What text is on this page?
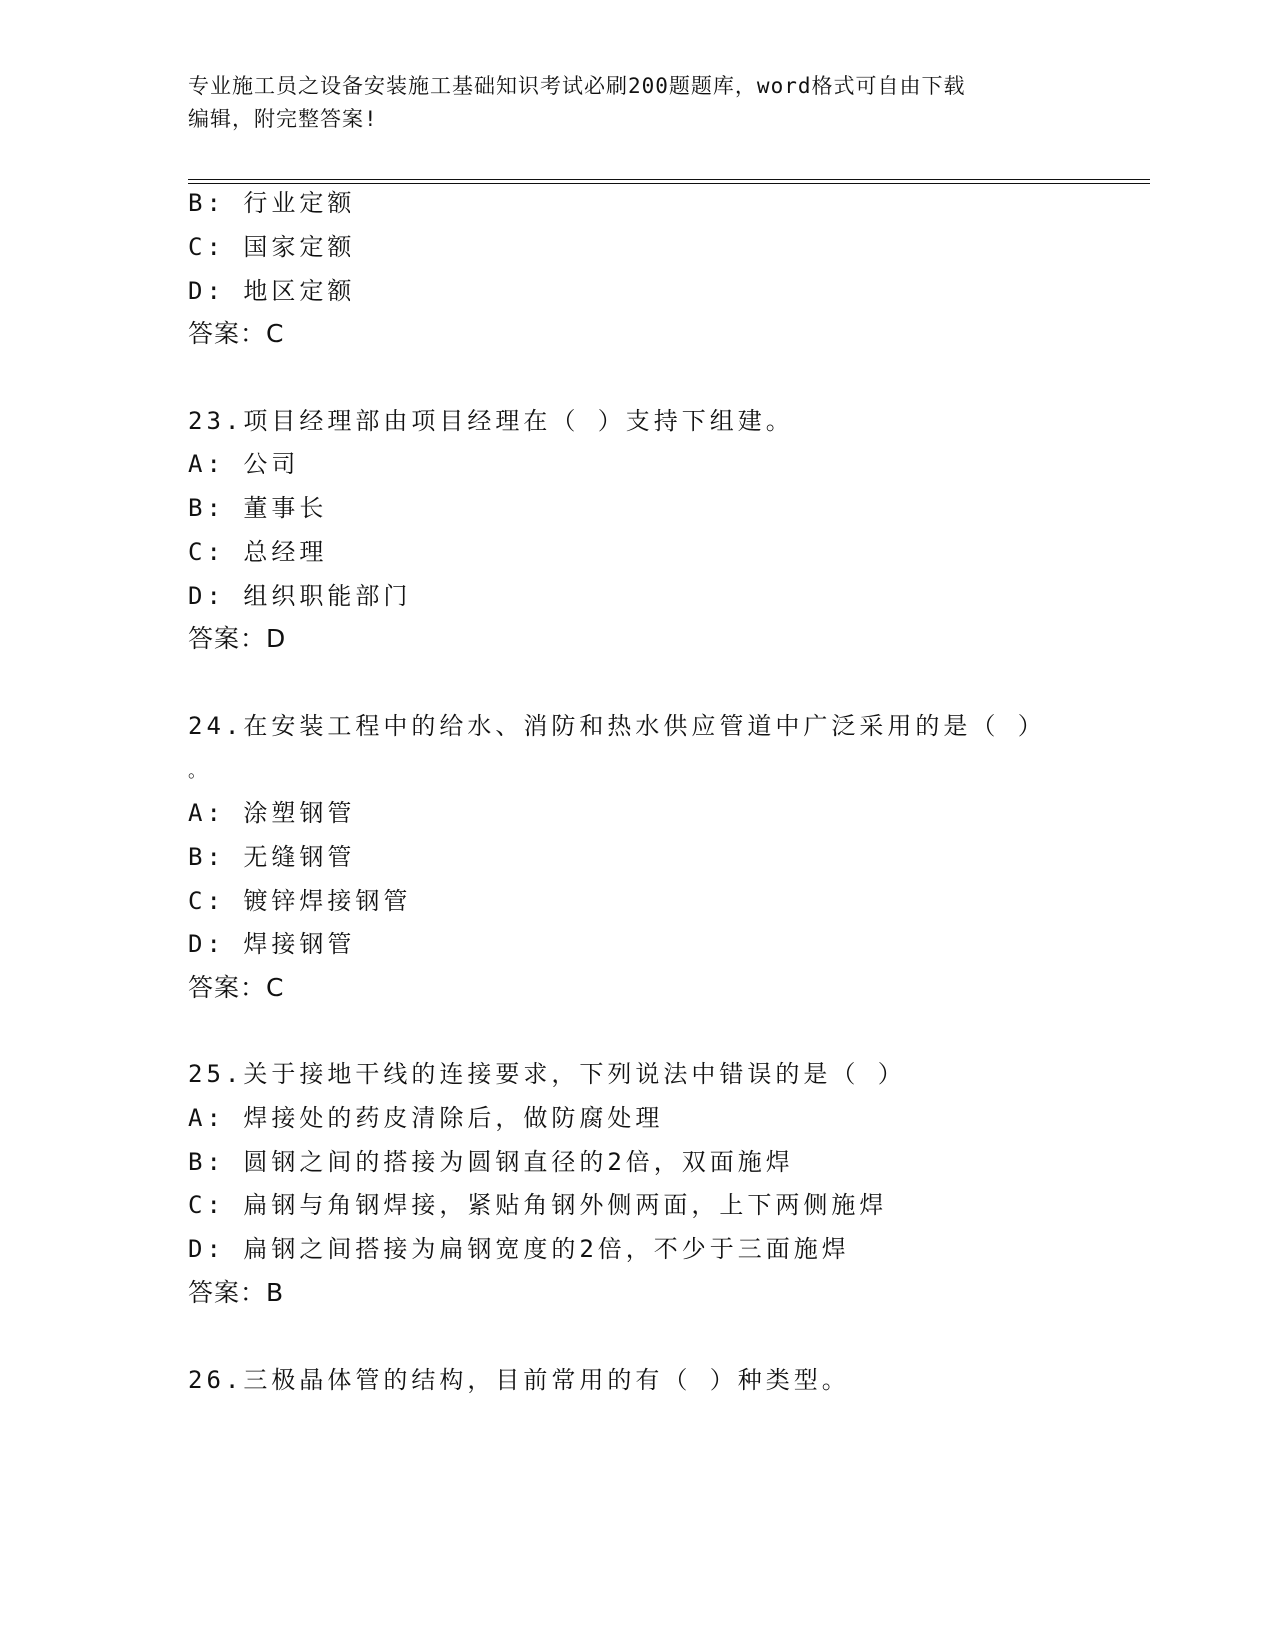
专业施工员之设备安装施工基础知识考试必刷200题题库，word格式可自由下载
编辑，附完整答案!
B: 行业定额
C: 国家定额
D: 地区定额
答案：C
23.项目经理部由项目经理在（ ）支持下组建。
A: 公司
B: 董事长
C: 总经理
D: 组织职能部门
答案：D
24.在安装工程中的给水、消防和热水供应管道中广泛采用的是（ ）
。
A: 涂塑钢管
B: 无缝钢管
C: 镀锌焊接钢管
D: 焊接钢管
答案：C
25.关于接地干线的连接要求，下列说法中错误的是（ ）
A: 焊接处的药皮清除后，做防腐处理
B: 圆钢之间的搭接为圆钢直径的2倍，双面施焊
C: 扁钢与角钢焊接，紧贴角钢外侧两面，上下两侧施焊
D: 扁钢之间搭接为扁钢宽度的2倍，不少于三面施焊
答案：B
26.三极晶体管的结构，目前常用的有（ ）种类型。
